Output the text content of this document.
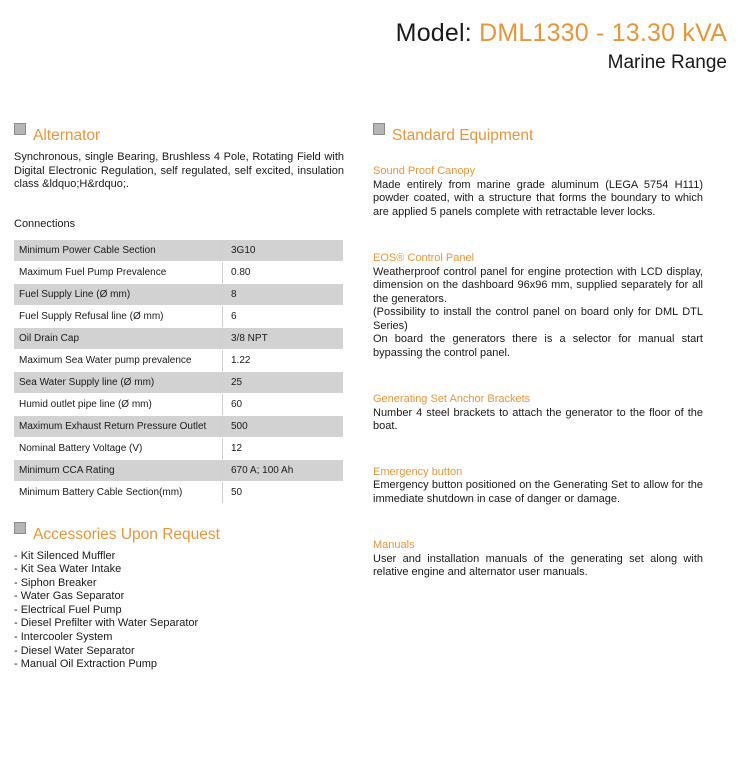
Model: DML1330 - 13.30 kVA
Marine Range
Alternator
Synchronous, single Bearing, Brushless 4 Pole, Rotating Field with Digital Electronic Regulation, self regulated, self excited, insulation class &ldquo;H&rdquo;.
Connections
Minimum Power Cable Section	3G10
Maximum Fuel Pump Prevalence	0.80
Fuel Supply Line (Ø mm)	8
Fuel Supply Refusal line (Ø mm)	6
Oil Drain Cap	3/8 NPT
Maximum Sea Water pump prevalence	1.22
Sea Water Supply line (Ø mm)	25
Humid outlet pipe line (Ø mm)	60
Maximum Exhaust Return Pressure Outlet	500
Nominal Battery Voltage (V)	12
Minimum CCA Rating	670 A; 100 Ah
Minimum Battery Cable Section(mm)	50
Accessories Upon Request
- Kit Silenced Muffler
- Kit Sea Water Intake
- Siphon Breaker
- Water Gas Separator
- Electrical Fuel Pump
- Diesel Prefilter with Water Separator
- Intercooler System
- Diesel Water Separator
- Manual Oil Extraction Pump
Standard Equipment
Sound Proof Canopy
Made entirely from marine grade aluminum (LEGA 5754 H111) powder coated, with a structure that forms the boundary to which are applied 5 panels complete with retractable lever locks.
EOS® Control Panel
Weatherproof control panel for engine protection with LCD display, dimension on the dashboard 96x96 mm, supplied separately for all the generators.
(Possibility to install the control panel on board only for DML DTL Series)
On board the generators there is a selector for manual start bypassing the control panel.
Generating Set Anchor Brackets
Number 4 steel brackets to attach the generator to the floor of the boat.
Emergency button
Emergency button positioned on the Generating Set to allow for the immediate shutdown in case of danger or damage.
Manuals
User and installation manuals of the generating set along with relative engine and alternator user manuals.
